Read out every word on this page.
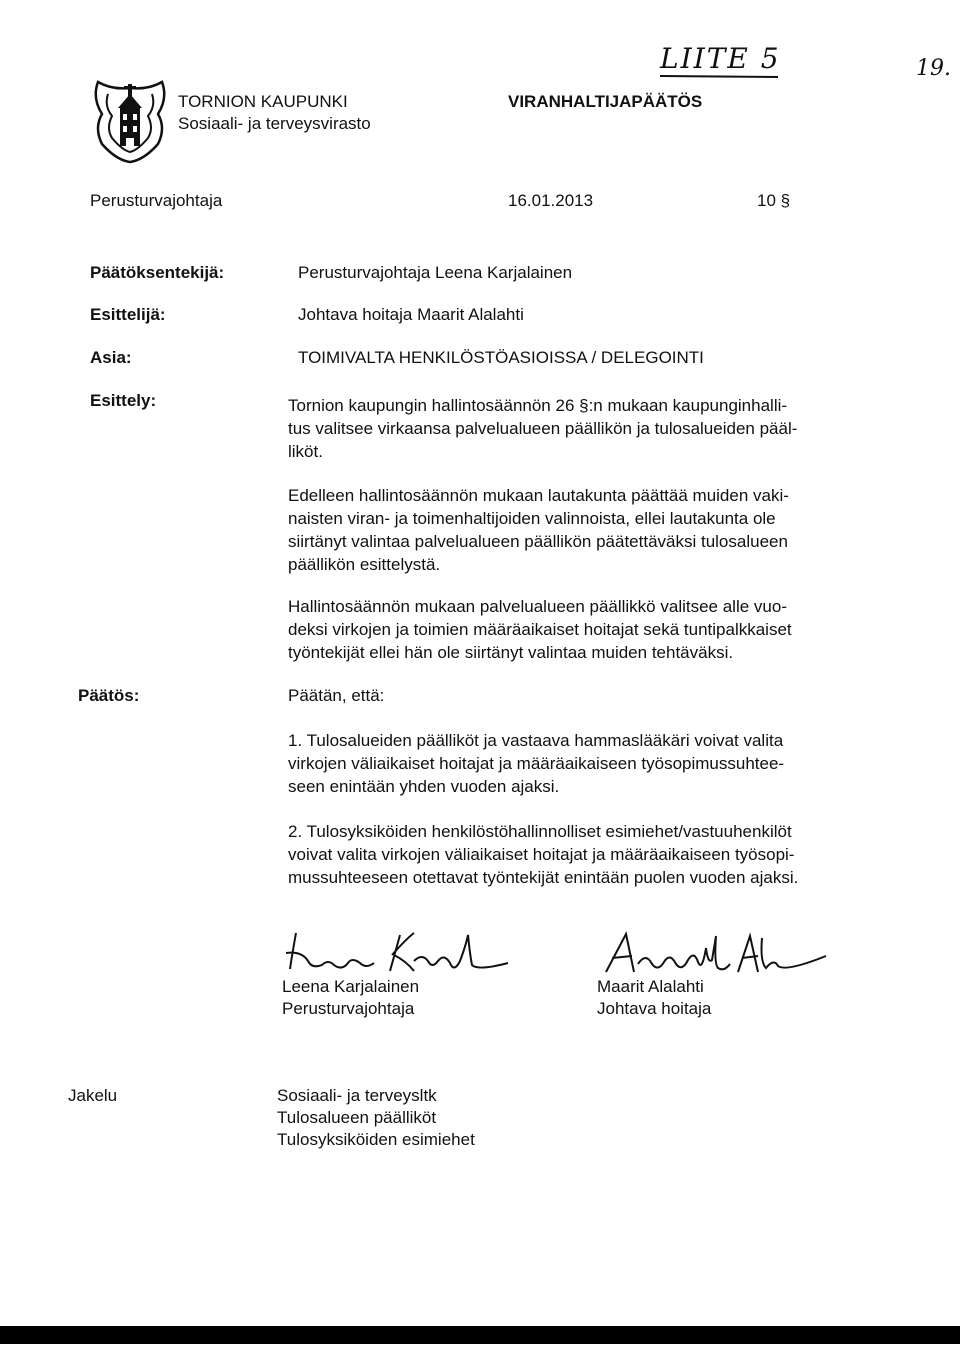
LIITE 5	19.
TORNION KAUPUNKI
Sosiaali- ja terveysvirasto
VIRANHALTIJAPÄÄTÖS
Perusturvajohtaja	16.01.2013	10 §
Päätöksentekijä:	Perusturvajohtaja Leena Karjalainen
Esittelijä:	Johtava hoitaja Maarit Alalahti
Asia:	TOIMIVALTA HENKILÖSTÖASIOISSA / DELEGOINTI
Esittely:	Tornion kaupungin hallintosäännön 26 §:n mukaan kaupunginhalli-
tus valitsee virkaansa palvelualueen päällikön ja tulosalueiden pääl-
liköt.
Edelleen hallintosäännön mukaan lautakunta päättää muiden vaki-
naisten viran- ja toimenhaltijoiden valinnoista, ellei lautakunta ole
siirtänyt valintaa palvelualueen päällikön päätettäväksi tulosalueen
päällikön esittelystä.
Hallintosäännön mukaan palvelualueen päällikkö valitsee alle vuo-
deksi virkojen ja toimien määräaikaiset hoitajat sekä tuntipalkkaiset
työntekijät ellei hän ole siirtänyt valintaa muiden tehtäväksi.
Päätös:	Päätän, että:
1. Tulosalueiden päälliköt ja vastaava hammaslääkäri voivat valita
virkojen väliaikaiset hoitajat ja määräaikaiseen työsopimussuhtee-
seen enintään yhden vuoden ajaksi.
2. Tulosyksiköiden henkilöstöhallinnolliset esimiehet/vastuuhenkilöt
voivat valita virkojen väliaikaiset hoitajat ja määräaikaiseen työsopi-
mussuhteeseen otettavat työntekijät enintään puolen vuoden ajaksi.
Leena Karjalainen
Perusturvajohtaja
Maarit Alalahti
Johtava hoitaja
Jakelu	Sosiaali- ja terveysltk
Tulosalueen päälliköt
Tulosyksiköiden esimiehet
